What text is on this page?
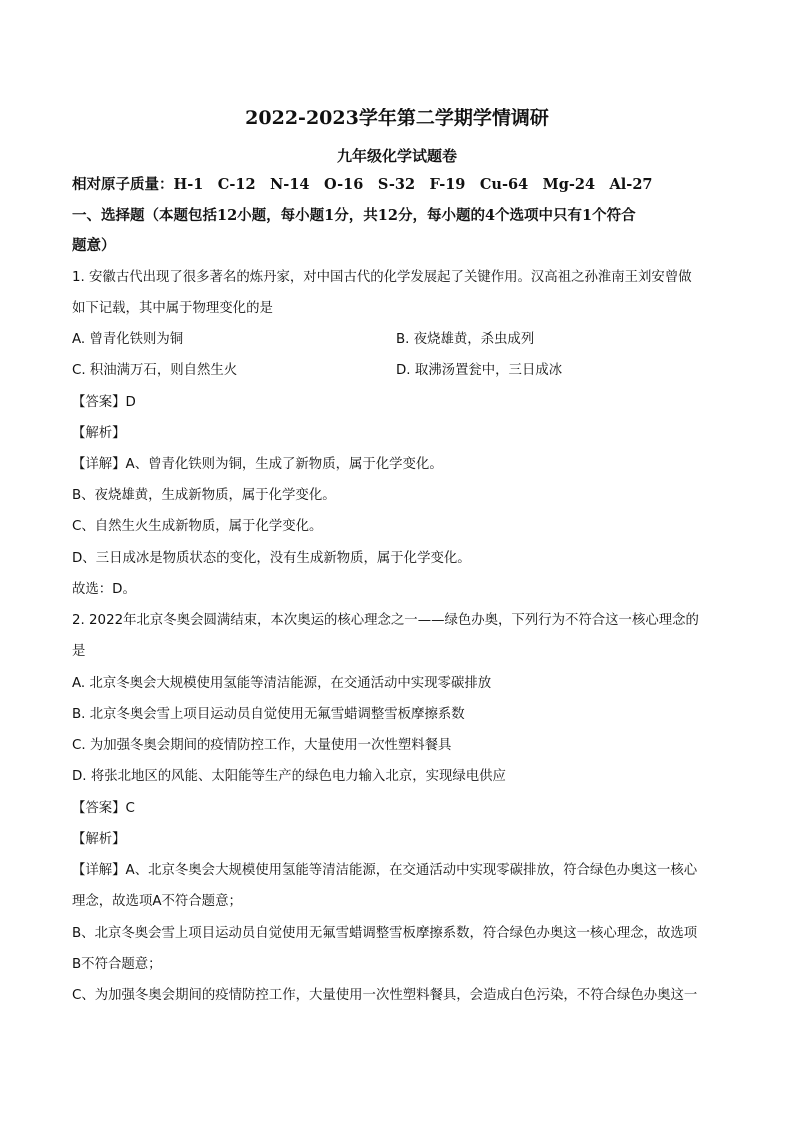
2022-2023学年第二学期学情调研
九年级化学试题卷
相对原子质量：H-1　C-12　N-14　O-16　S-32　F-19　Cu-64　Mg-24　Al-27
一、选择题（本题包括12小题，每小题1分，共12分，每小题的4个选项中只有1个符合
题意）
1. 安徽古代出现了很多著名的炼丹家，对中国古代的化学发展起了关键作用。汉高祖之孙淮南王刘安曾做
如下记载，其中属于物理变化的是
A. 曾青化铁则为铜	B. 夜烧雄黄，杀虫成列
C. 积油满万石，则自然生火	D. 取沸汤置瓮中，三日成冰
【答案】D
【解析】
【详解】A、曾青化铁则为铜，生成了新物质，属于化学变化。
B、夜烧雄黄，生成新物质，属于化学变化。
C、自然生火生成新物质，属于化学变化。
D、三日成冰是物质状态的变化，没有生成新物质，属于化学变化。
故选：D。
2. 2022年北京冬奥会圆满结束，本次奥运的核心理念之一——绿色办奥，下列行为不符合这一核心理念的
是
A. 北京冬奥会大规模使用氢能等清洁能源，在交通活动中实现零碳排放
B. 北京冬奥会雪上项目运动员自觉使用无氟雪蜡调整雪板摩擦系数
C. 为加强冬奥会期间的疫情防控工作，大量使用一次性塑料餐具
D. 将张北地区的风能、太阳能等生产的绿色电力输入北京，实现绿电供应
【答案】C
【解析】
【详解】A、北京冬奥会大规模使用氢能等清洁能源，在交通活动中实现零碳排放，符合绿色办奥这一核心
理念，故选项A不符合题意；
B、北京冬奥会雪上项目运动员自觉使用无氟雪蜡调整雪板摩擦系数，符合绿色办奥这一核心理念，故选项
B不符合题意；
C、为加强冬奥会期间的疫情防控工作，大量使用一次性塑料餐具，会造成白色污染，不符合绿色办奥这一
